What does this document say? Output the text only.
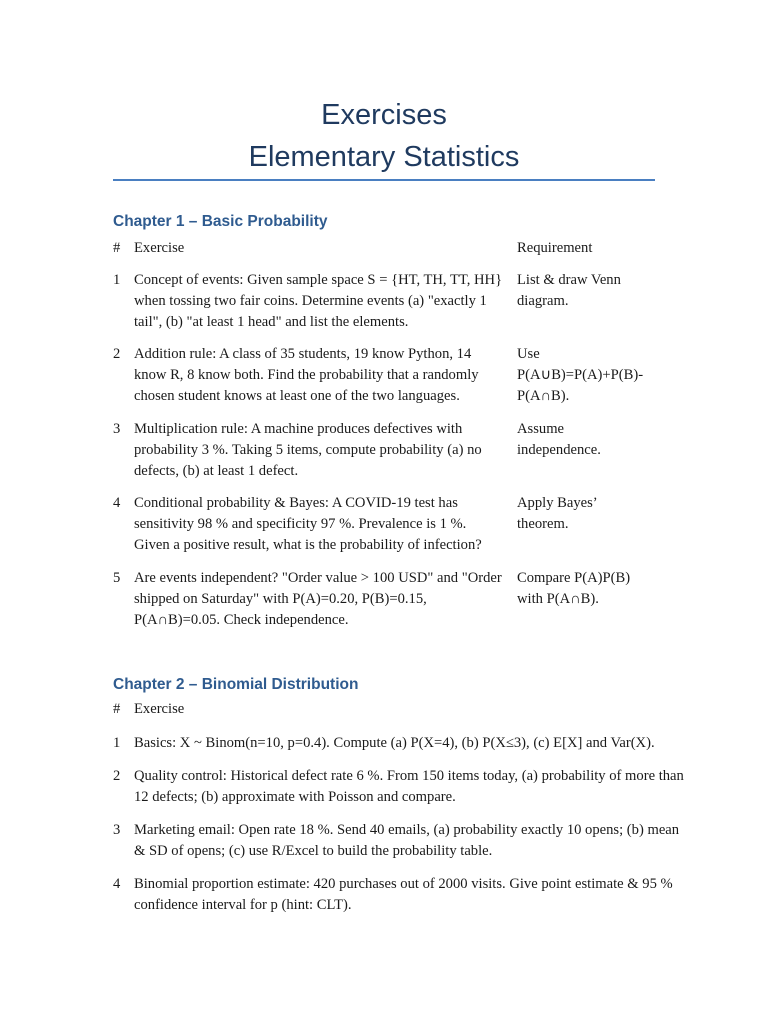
Exercises
Elementary Statistics
Chapter 1 – Basic Probability
# Exercise	Requirement
1 Concept of events: Given sample space S = {HT, TH, TT, HH} when tossing two fair coins. Determine events (a) "exactly 1 tail", (b) "at least 1 head" and list the elements.
List & draw Venn diagram.
2 Addition rule: A class of 35 students, 19 know Python, 14 know R, 8 know both. Find the probability that a randomly chosen student knows at least one of the two languages.
Use P(A∪B)=P(A)+P(B)-P(A∩B).
3 Multiplication rule: A machine produces defectives with probability 3 %. Taking 5 items, compute probability (a) no defects, (b) at least 1 defect.
Assume independence.
4 Conditional probability & Bayes: A COVID-19 test has sensitivity 98 % and specificity 97 %. Prevalence is 1 %. Given a positive result, what is the probability of infection?
Apply Bayes’ theorem.
5 Are events independent? "Order value > 100 USD" and "Order shipped on Saturday" with P(A)=0.20, P(B)=0.15, P(A∩B)=0.05. Check independence.
Compare P(A)P(B) with P(A∩B).
Chapter 2 – Binomial Distribution
# Exercise
1 Basics: X ~ Binom(n=10, p=0.4). Compute (a) P(X=4), (b) P(X≤3), (c) E[X] and Var(X).
2 Quality control: Historical defect rate 6 %. From 150 items today, (a) probability of more than 12 defects; (b) approximate with Poisson and compare.
3 Marketing email: Open rate 18 %. Send 40 emails, (a) probability exactly 10 opens; (b) mean & SD of opens; (c) use R/Excel to build the probability table.
4 Binomial proportion estimate: 420 purchases out of 2000 visits. Give point estimate & 95 % confidence interval for p (hint: CLT).
